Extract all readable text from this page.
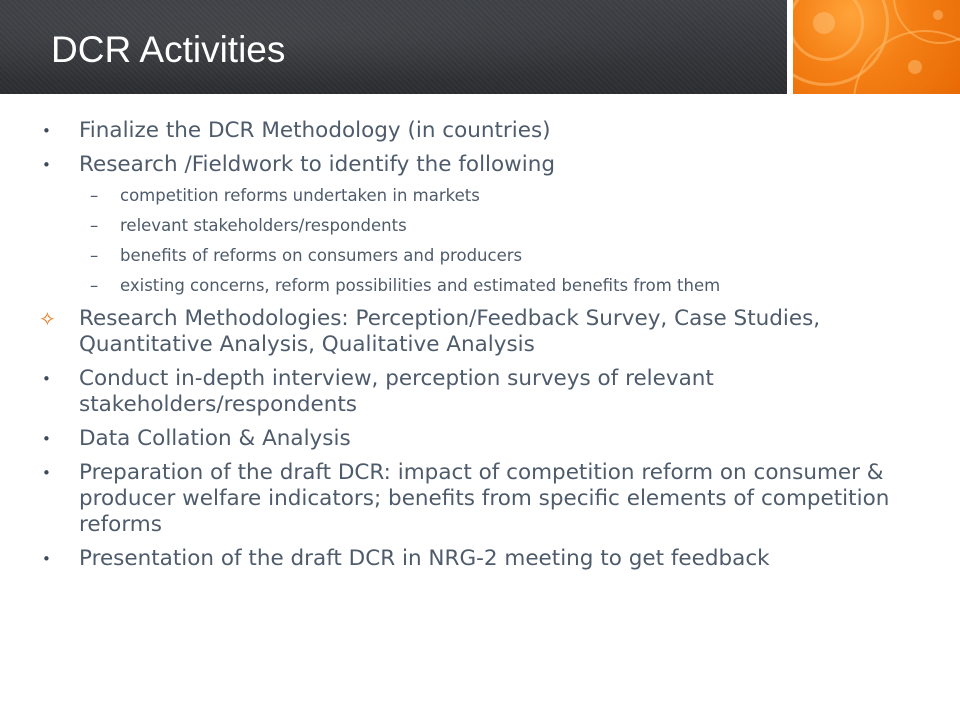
DCR Activities
•	Finalize the DCR Methodology (in countries)
•	Research /Fieldwork to identify the following
–	competition reforms undertaken in markets
–	relevant stakeholders/respondents
–	benefits of reforms on consumers and producers
–	existing concerns, reform possibilities and estimated benefits from them
✧	Research Methodologies: Perception/Feedback Survey, Case Studies, Quantitative Analysis, Qualitative Analysis
•	Conduct in-depth interview, perception surveys of relevant stakeholders/respondents
•	Data Collation & Analysis
•	Preparation of the draft DCR: impact of competition reform on consumer & producer welfare indicators; benefits from specific elements of competition reforms
•	Presentation of the draft DCR in NRG-2 meeting to get feedback
